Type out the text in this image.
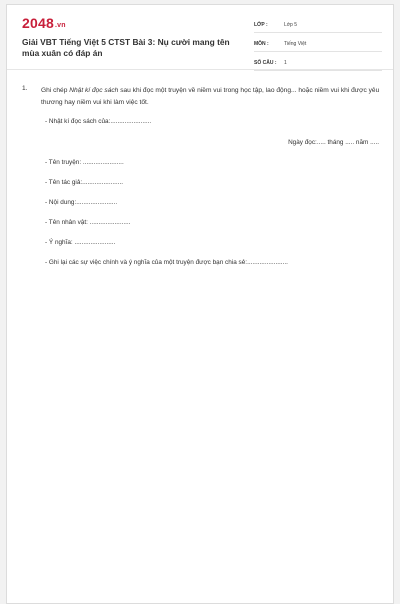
2048.vn
Giải VBT Tiếng Việt 5 CTST Bài 3: Nụ cười mang tên mùa xuân có đáp án
LỚP :	Lớp 5
MÔN :	Tiếng Việt
SỐ CÂU :	1
1. Ghi chép Nhật kí đọc sách sau khi đọc một truyện về niềm vui trong học tập, lao động... hoặc niềm vui khi được yêu thương hay niềm vui khi làm việc tốt.
- Nhật kí đọc sách của:.......................
Ngày đọc:..... tháng ..... năm .....
- Tên truyện: .......................
- Tên tác giả:.......................
- Nội dung:.......................
- Tên nhân vật: .......................
- Ý nghĩa: .......................
- Ghi lại các sự việc chính và ý nghĩa của một truyện được bạn chia sẻ:.......................
